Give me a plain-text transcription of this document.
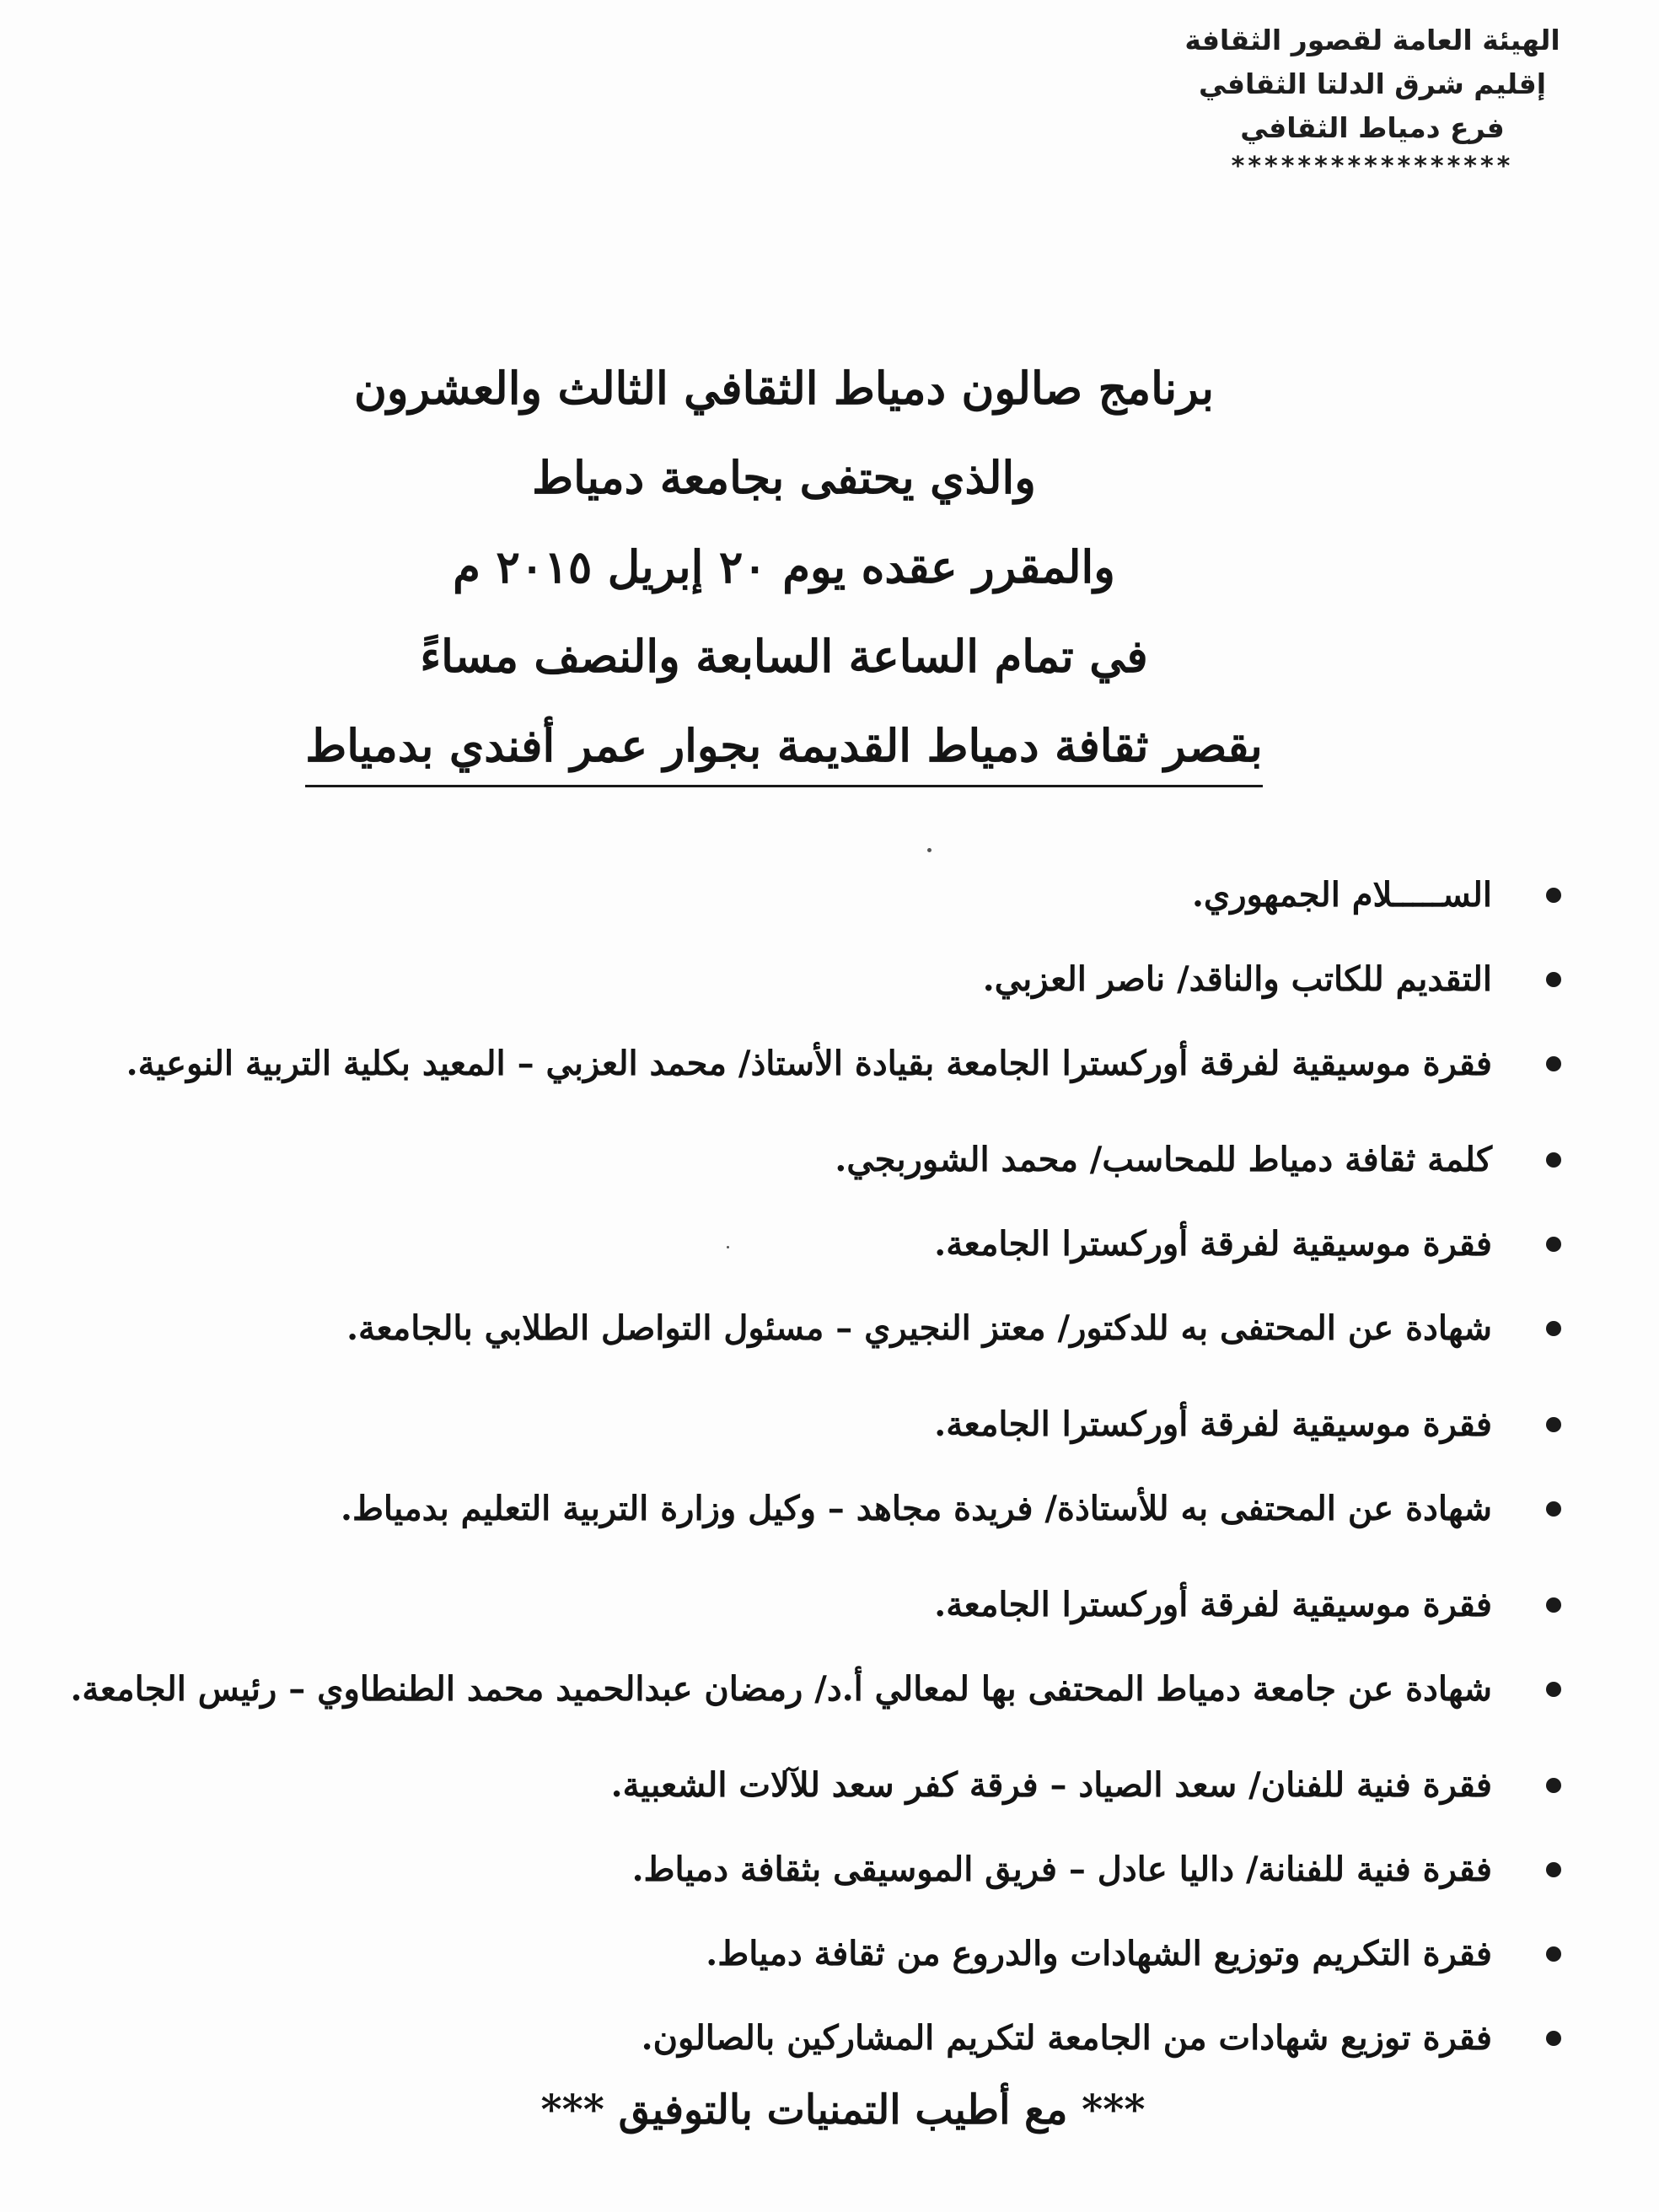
الهيئة العامة لقصور الثقافة
إقليم شرق الدلتا الثقافي
فرع دمياط الثقافي
*****************
برنامج صالون دمياط الثقافي الثالث والعشرون
والذي يحتفى بجامعة دمياط
والمقرر عقده يوم ٢٠ إبريل ٢٠١٥ م
في تمام الساعة السابعة والنصف مساءً
بقصر ثقافة دمياط القديمة بجوار عمر أفندي بدمياط
الســـــلام الجمهوري.
التقديم للكاتب والناقد/ ناصر العزبي.
فقرة موسيقية لفرقة أوركسترا الجامعة بقيادة الأستاذ/ محمد العزبي – المعيد بكلية التربية النوعية.
كلمة ثقافة دمياط للمحاسب/ محمد الشوربجي.
فقرة موسيقية لفرقة أوركسترا الجامعة.
شهادة عن المحتفى به للدكتور/ معتز النجيري – مسئول التواصل الطلابي بالجامعة.
فقرة موسيقية لفرقة أوركسترا الجامعة.
شهادة عن المحتفى به للأستاذة/ فريدة مجاهد – وكيل وزارة التربية التعليم بدمياط.
فقرة موسيقية لفرقة أوركسترا الجامعة.
شهادة عن جامعة دمياط المحتفى بها لمعالي أ.د/ رمضان عبدالحميد محمد الطنطاوي – رئيس الجامعة.
فقرة فنية للفنان/ سعد الصياد – فرقة كفر سعد للآلات الشعبية.
فقرة فنية للفنانة/ داليا عادل – فريق الموسيقى بثقافة دمياط.
فقرة التكريم وتوزيع الشهادات والدروع من ثقافة دمياط.
فقرة توزيع شهادات من الجامعة لتكريم المشاركين بالصالون.
*** مع أطيب التمنيات بالتوفيق ***
